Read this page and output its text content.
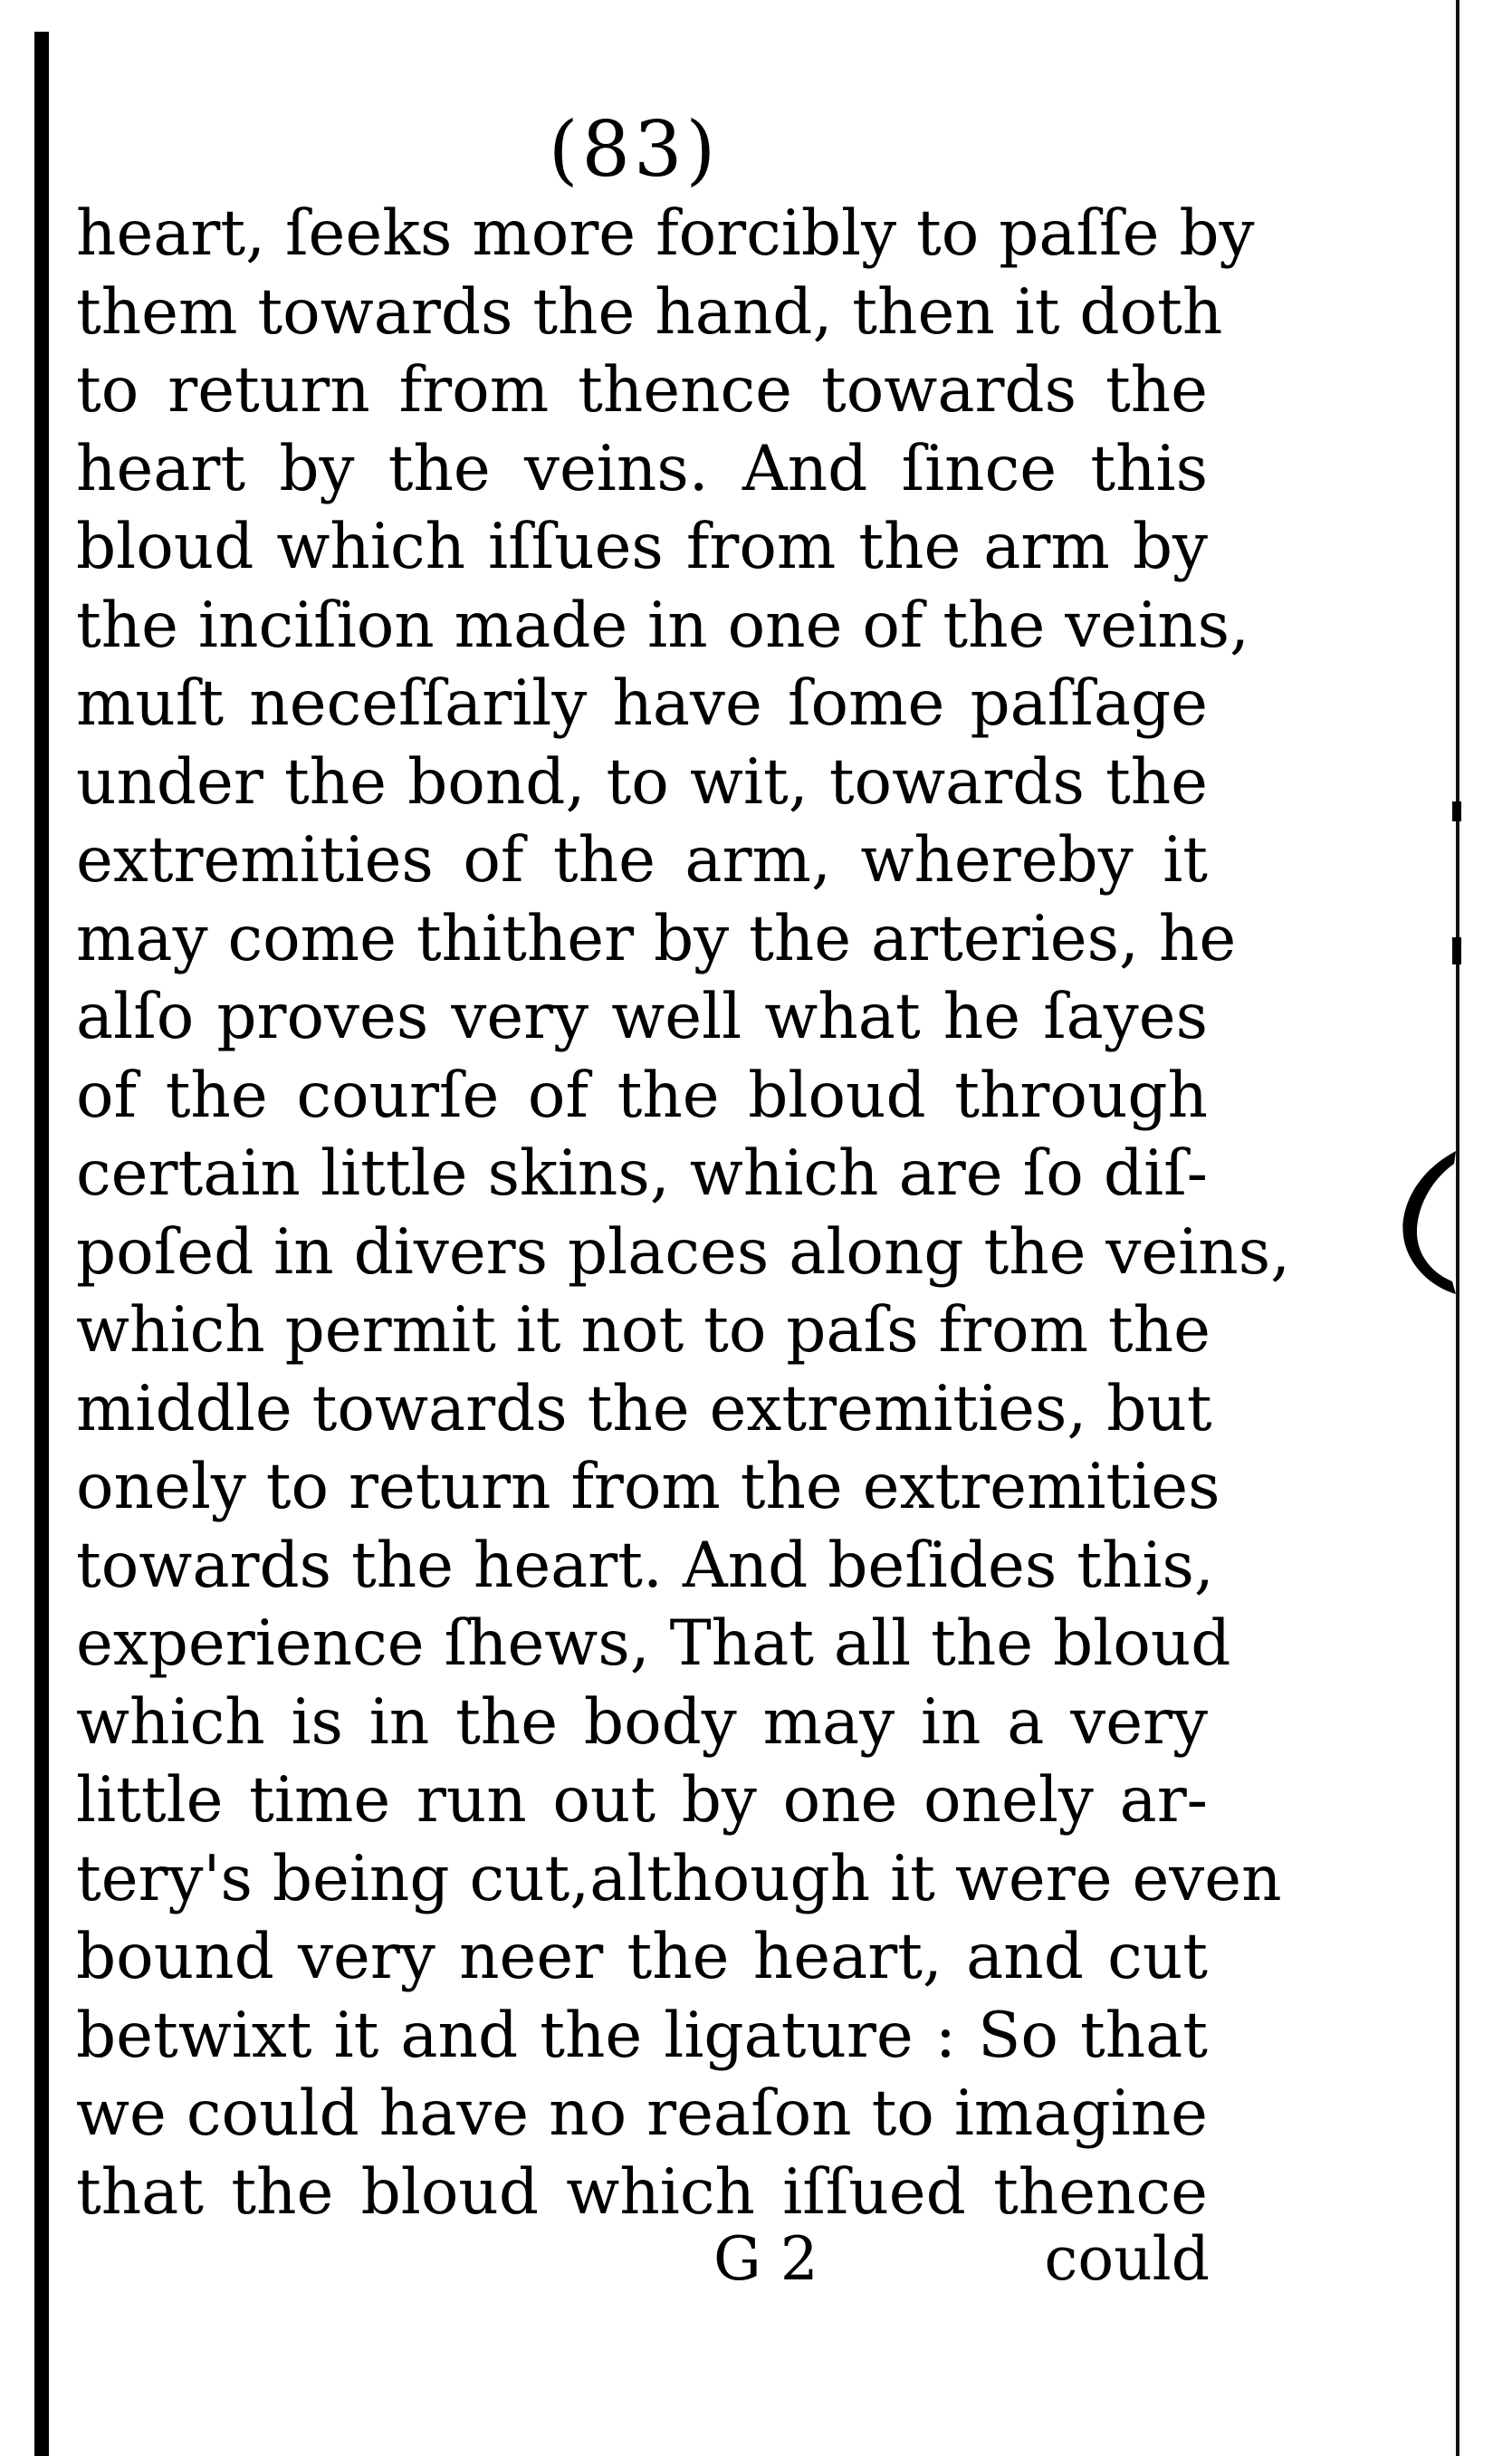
(83)
heart, ſeeks more forcibly to paſſe by
them towards the hand, then it doth
to return from thence towards the
heart by the veins. And ſince this
bloud which iſſues from the arm by
the inciſion made in one of the veins,
muſt neceſſarily have ſome paſſage
under the bond, to wit, towards the
extremities of the arm, whereby it
may come thither by the arteries, he
alſo proves very well what he ſayes
of the courſe of the bloud through
certain little skins, which are ſo diſ-
poſed in divers places along the veins,
which permit it not to paſs from the
middle towards the extremities, but
onely to return from the extremities
towards the heart. And beſides this,
experience ſhews, That all the bloud
which is in the body may in a very
little time run out by one onely ar-
tery's being cut,although it were even
bound very neer the heart, and cut
betwixt it and the ligature : So that
we could have no reaſon to imagine
that the bloud which iſſued thence
G 2	could
